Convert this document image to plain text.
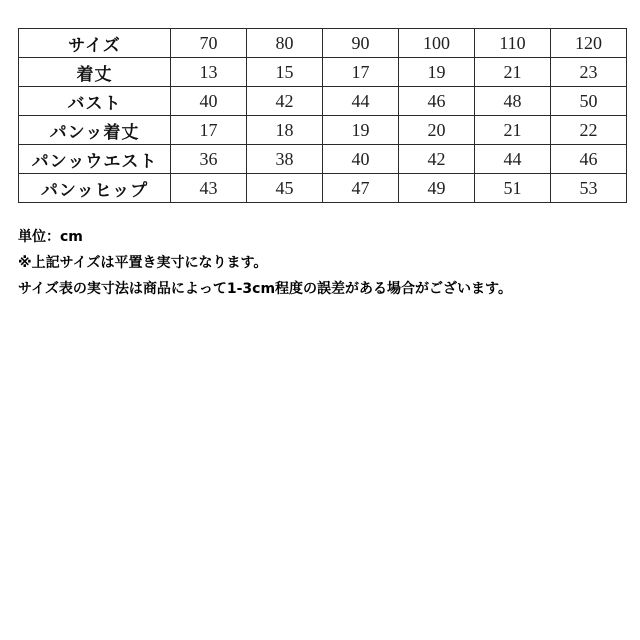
サイズ	70	80	90	100	110	120
着丈	13	15	17	19	21	23
バスト	40	42	44	46	48	50
パンッ着丈	17	18	19	20	21	22
パンッウエスト	36	38	40	42	44	46
パンッヒップ	43	45	47	49	51	53
単位：cm
※上記サイズは平置き実寸になります。
サイズ表の実寸法は商品によって1-3cm程度の誤差がある場合がございます。
